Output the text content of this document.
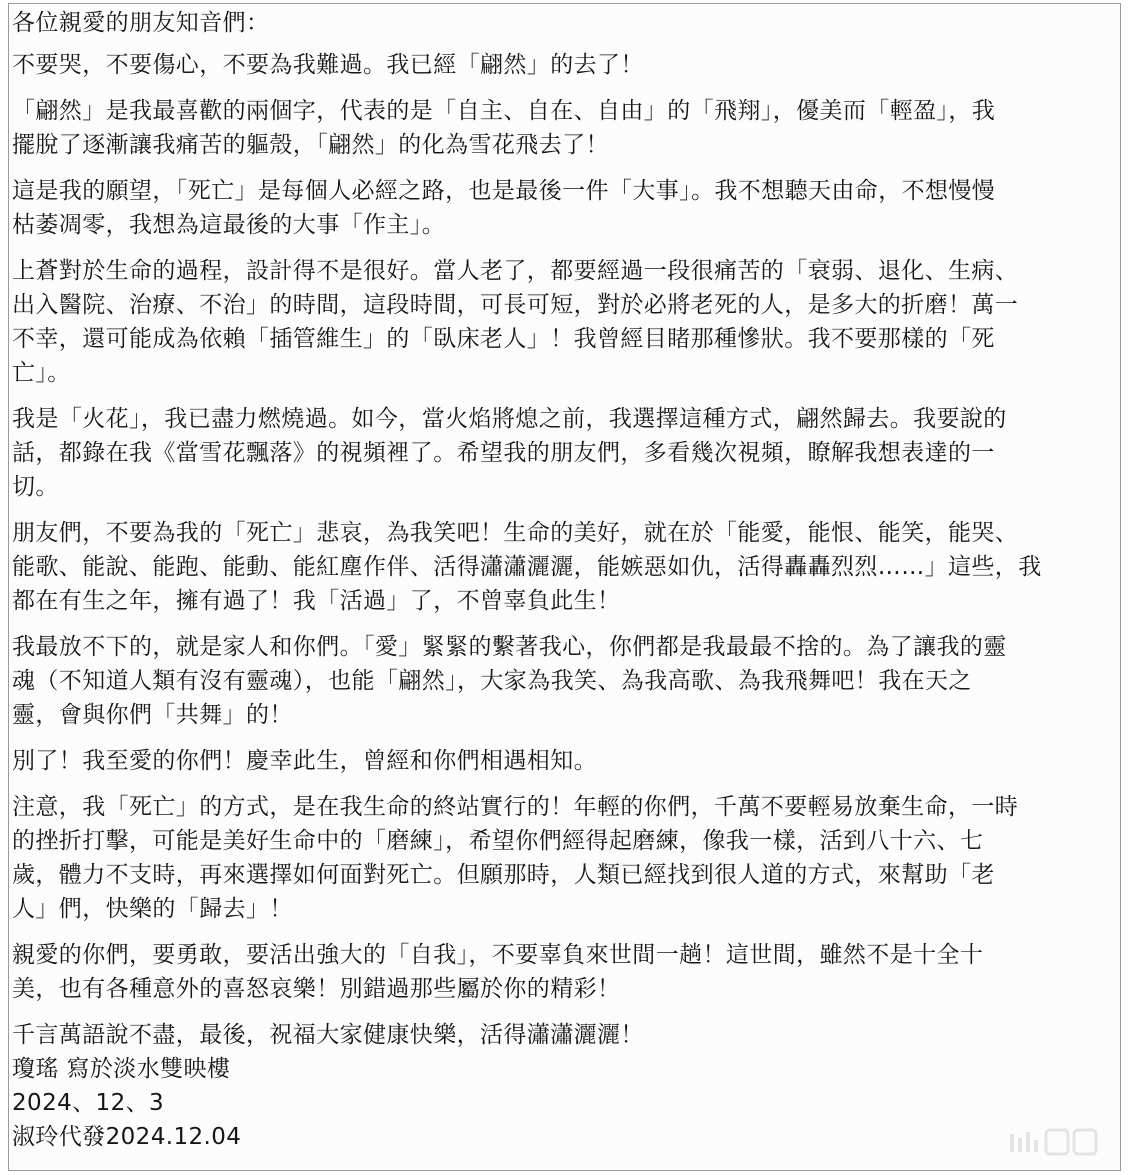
各位親愛的朋友知音們：

不要哭，不要傷心，不要為我難過。我已經「翩然」的去了！

「翩然」是我最喜歡的兩個字，代表的是「自主、自在、自由」的「飛翔」，優美而「輕盈」，我
擺脫了逐漸讓我痛苦的軀殼，「翩然」的化為雪花飛去了！

這是我的願望，「死亡」是每個人必經之路，也是最後一件「大事」。我不想聽天由命，不想慢慢
枯萎凋零，我想為這最後的大事「作主」。

上蒼對於生命的過程，設計得不是很好。當人老了，都要經過一段很痛苦的「衰弱、退化、生病、
出入醫院、治療、不治」的時間，這段時間，可長可短，對於必將老死的人，是多大的折磨！萬一
不幸，還可能成為依賴「插管維生」的「臥床老人」！我曾經目睹那種慘狀。我不要那樣的「死
亡」。

我是「火花」，我已盡力燃燒過。如今，當火焰將熄之前，我選擇這種方式，翩然歸去。我要說的
話，都錄在我《當雪花飄落》的視頻裡了。希望我的朋友們，多看幾次視頻，瞭解我想表達的一
切。

朋友們，不要為我的「死亡」悲哀，為我笑吧！生命的美好，就在於「能愛，能恨、能笑，能哭、
能歌、能說、能跑、能動、能紅塵作伴、活得瀟瀟灑灑，能嫉惡如仇，活得轟轟烈烈……」這些，我
都在有生之年，擁有過了！我「活過」了，不曾辜負此生！

我最放不下的，就是家人和你們。「愛」緊緊的繫著我心，你們都是我最最不捨的。為了讓我的靈
魂（不知道人類有沒有靈魂），也能「翩然」，大家為我笑、為我高歌、為我飛舞吧！我在天之
靈，會與你們「共舞」的！

別了！我至愛的你們！慶幸此生，曾經和你們相遇相知。

注意，我「死亡」的方式，是在我生命的終站實行的！年輕的你們，千萬不要輕易放棄生命，一時
的挫折打擊，可能是美好生命中的「磨練」，希望你們經得起磨練，像我一樣，活到八十六、七
歲，體力不支時，再來選擇如何面對死亡。但願那時，人類已經找到很人道的方式，來幫助「老
人」們，快樂的「歸去」！

親愛的你們，要勇敢，要活出強大的「自我」，不要辜負來世間一趟！這世間，雖然不是十全十
美，也有各種意外的喜怒哀樂！別錯過那些屬於你的精彩！

千言萬語說不盡，最後，祝福大家健康快樂，活得瀟瀟灑灑！

瓊瑤 寫於淡水雙映樓

2024、12、3

淑玲代發2024.12.04
